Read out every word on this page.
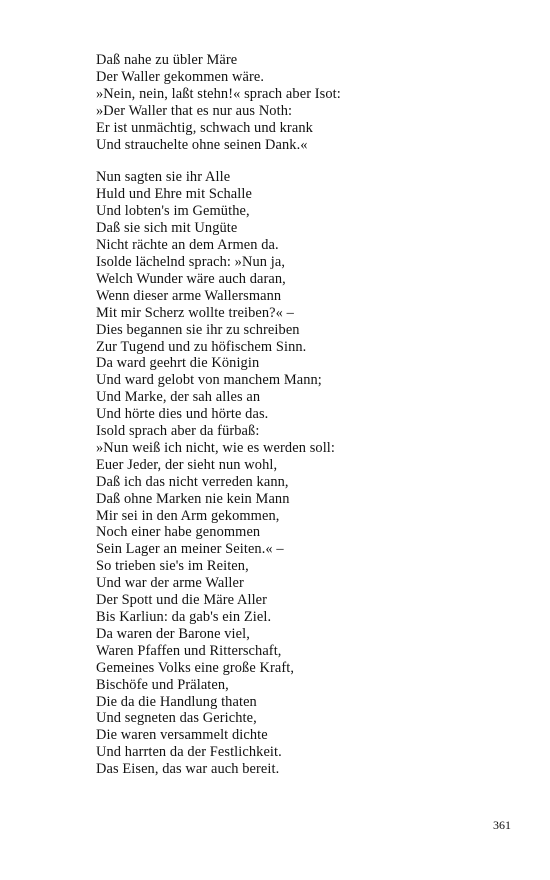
Daß nahe zu übler Märe
Der Waller gekommen wäre.
»Nein, nein, laßt stehn!« sprach aber Isot:
»Der Waller that es nur aus Noth:
Er ist unmächtig, schwach und krank
Und strauchelte ohne seinen Dank.«
Nun sagten sie ihr Alle
Huld und Ehre mit Schalle
Und lobten's im Gemüthe,
Daß sie sich mit Ungüte
Nicht rächte an dem Armen da.
Isolde lächelnd sprach: »Nun ja,
Welch Wunder wäre auch daran,
Wenn dieser arme Wallersmann
Mit mir Scherz wollte treiben?« –
Dies begannen sie ihr zu schreiben
Zur Tugend und zu höfischem Sinn.
Da ward geehrt die Königin
Und ward gelobt von manchem Mann;
Und Marke, der sah alles an
Und hörte dies und hörte das.
Isold sprach aber da fürbaß:
»Nun weiß ich nicht, wie es werden soll:
Euer Jeder, der sieht nun wohl,
Daß ich das nicht verreden kann,
Daß ohne Marken nie kein Mann
Mir sei in den Arm gekommen,
Noch einer habe genommen
Sein Lager an meiner Seiten.« –
So trieben sie's im Reiten,
Und war der arme Waller
Der Spott und die Märe Aller
Bis Karliun: da gab's ein Ziel.
Da waren der Barone viel,
Waren Pfaffen und Ritterschaft,
Gemeines Volks eine große Kraft,
Bischöfe und Prälaten,
Die da die Handlung thaten
Und segneten das Gerichte,
Die waren versammelt dichte
Und harrten da der Festlichkeit.
Das Eisen, das war auch bereit.
361
